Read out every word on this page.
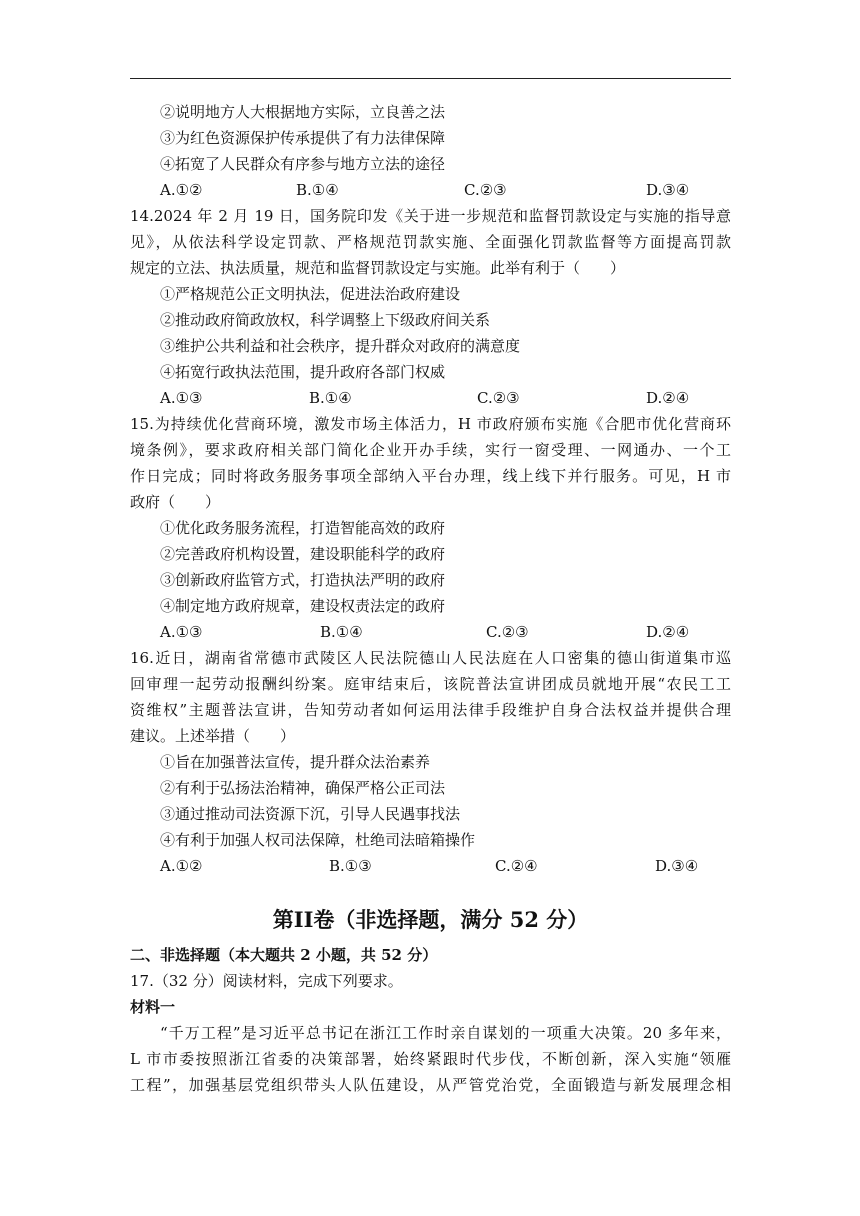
②说明地方人大根据地方实际，立良善之法
③为红色资源保护传承提供了有力法律保障
④拓宽了人民群众有序参与地方立法的途径
A.①②	B.①④	C.②③	D.③④
14.2024 年 2 月 19 日，国务院印发《关于进一步规范和监督罚款设定与实施的指导意
见》，从依法科学设定罚款、严格规范罚款实施、全面强化罚款监督等方面提高罚款
规定的立法、执法质量，规范和监督罚款设定与实施。此举有利于（　　）
①严格规范公正文明执法，促进法治政府建设
②推动政府简政放权，科学调整上下级政府间关系
③维护公共利益和社会秩序，提升群众对政府的满意度
④拓宽行政执法范围，提升政府各部门权威
A.①③	B.①④	C.②③	D.②④
15.为持续优化营商环境，激发市场主体活力，H 市政府颁布实施《合肥市优化营商环
境条例》，要求政府相关部门简化企业开办手续，实行一窗受理、一网通办、一个工
作日完成；同时将政务服务事项全部纳入平台办理，线上线下并行服务。可见，H 市
政府（　　）
①优化政务服务流程，打造智能高效的政府
②完善政府机构设置，建设职能科学的政府
③创新政府监管方式，打造执法严明的政府
④制定地方政府规章，建设权责法定的政府
A.①③	B.①④	C.②③	D.②④
16.近日，湖南省常德市武陵区人民法院德山人民法庭在人口密集的德山街道集市巡
回审理一起劳动报酬纠纷案。庭审结束后，该院普法宣讲团成员就地开展“农民工工
资维权”主题普法宣讲，告知劳动者如何运用法律手段维护自身合法权益并提供合理
建议。上述举措（　　）
①旨在加强普法宣传，提升群众法治素养
②有利于弘扬法治精神，确保严格公正司法
③通过推动司法资源下沉，引导人民遇事找法
④有利于加强人权司法保障，杜绝司法暗箱操作
A.①②	B.①③	C.②④	D.③④
第II卷（非选择题，满分 52 分）
二、非选择题（本大题共 2 小题，共 52 分）
17.（32 分）阅读材料，完成下列要求。
材料一
“千万工程”是习近平总书记在浙江工作时亲自谋划的一项重大决策。20 多年来，
L 市市委按照浙江省委的决策部署，始终紧跟时代步伐，不断创新，深入实施“领雁
工程”，加强基层党组织带头人队伍建设，从严管党治党，全面锻造与新发展理念相
